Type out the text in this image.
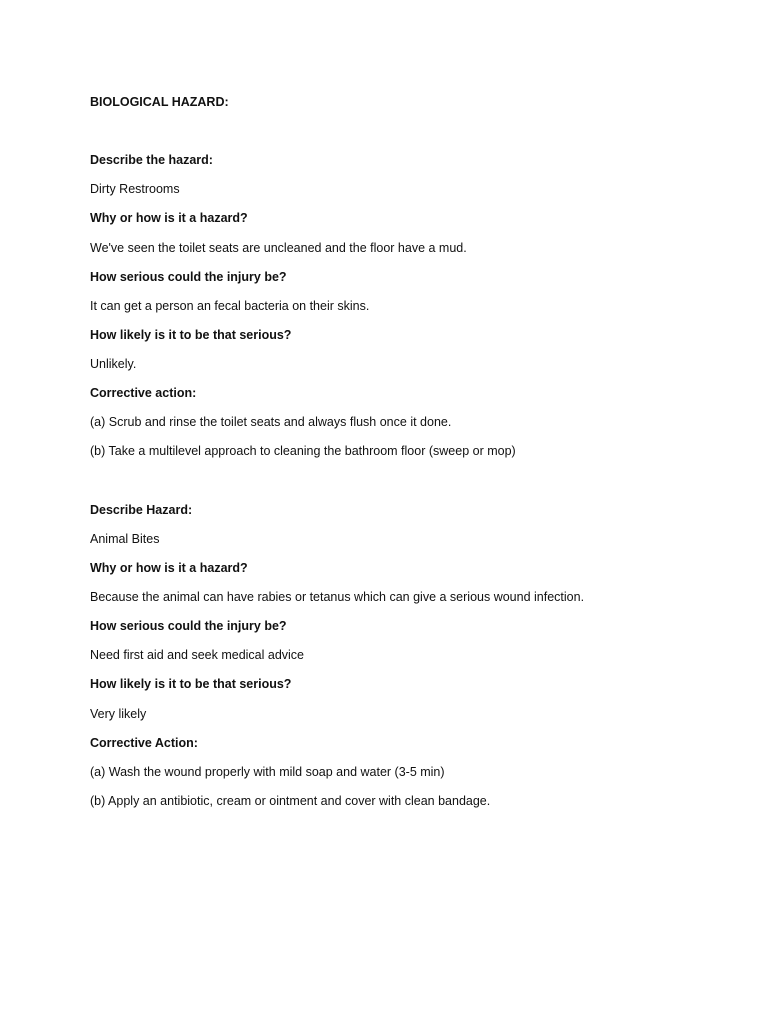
BIOLOGICAL HAZARD:
Describe the hazard:
Dirty Restrooms
Why or how is it a hazard?
We've seen the toilet seats are uncleaned and the floor have a mud.
How serious could the injury be?
It can get a person an fecal bacteria on their skins.
How likely is it to be that serious?
Unlikely.
Corrective action:
(a) Scrub and rinse the toilet seats and always flush once it done.
(b) Take a multilevel approach to cleaning the bathroom floor (sweep or mop)
Describe Hazard:
Animal Bites
Why or how is it a hazard?
Because the animal can have rabies or tetanus which can give a serious wound infection.
How serious could the injury be?
Need first aid and seek medical advice
How likely is it to be that serious?
Very likely
Corrective Action:
(a) Wash the wound properly with mild soap and water (3-5 min)
(b) Apply an antibiotic, cream or ointment and cover with clean bandage.
